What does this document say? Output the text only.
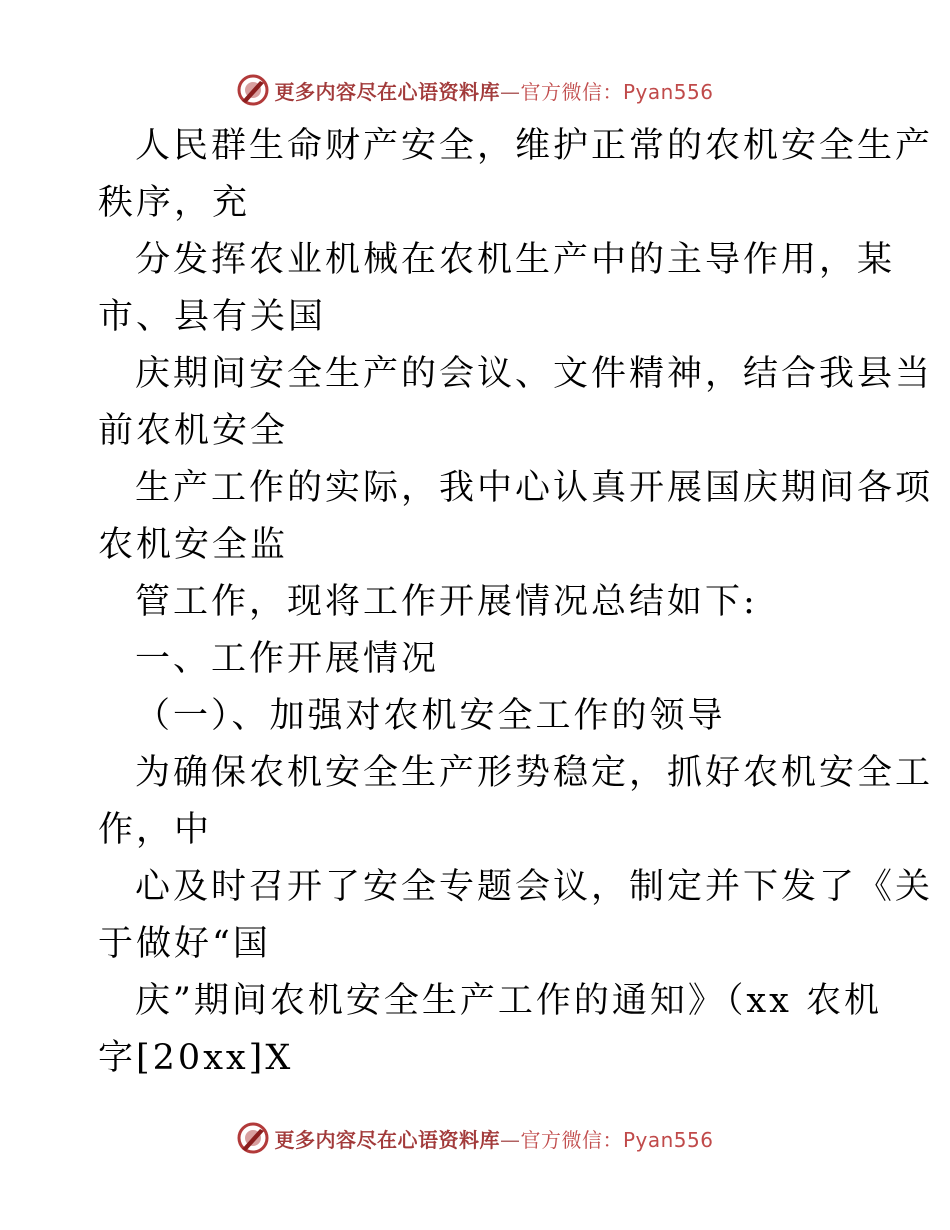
更多内容尽在心语资料库—官方微信：Pyan556
人民群生命财产安全，维护正常的农机安全生产
秩序，充
分发挥农业机械在农机生产中的主导作用，某
市、县有关国
庆期间安全生产的会议、文件精神，结合我县当
前农机安全
生产工作的实际，我中心认真开展国庆期间各项
农机安全监
管工作，现将工作开展情况总结如下:
一、工作开展情况
（一）、加强对农机安全工作的领导
为确保农机安全生产形势稳定，抓好农机安全工
作，中
心及时召开了安全专题会议，制定并下发了《关
于做好“国
庆”期间农机安全生产工作的通知》（xx 农机
字[20xx]X
更多内容尽在心语资料库—官方微信：Pyan556
